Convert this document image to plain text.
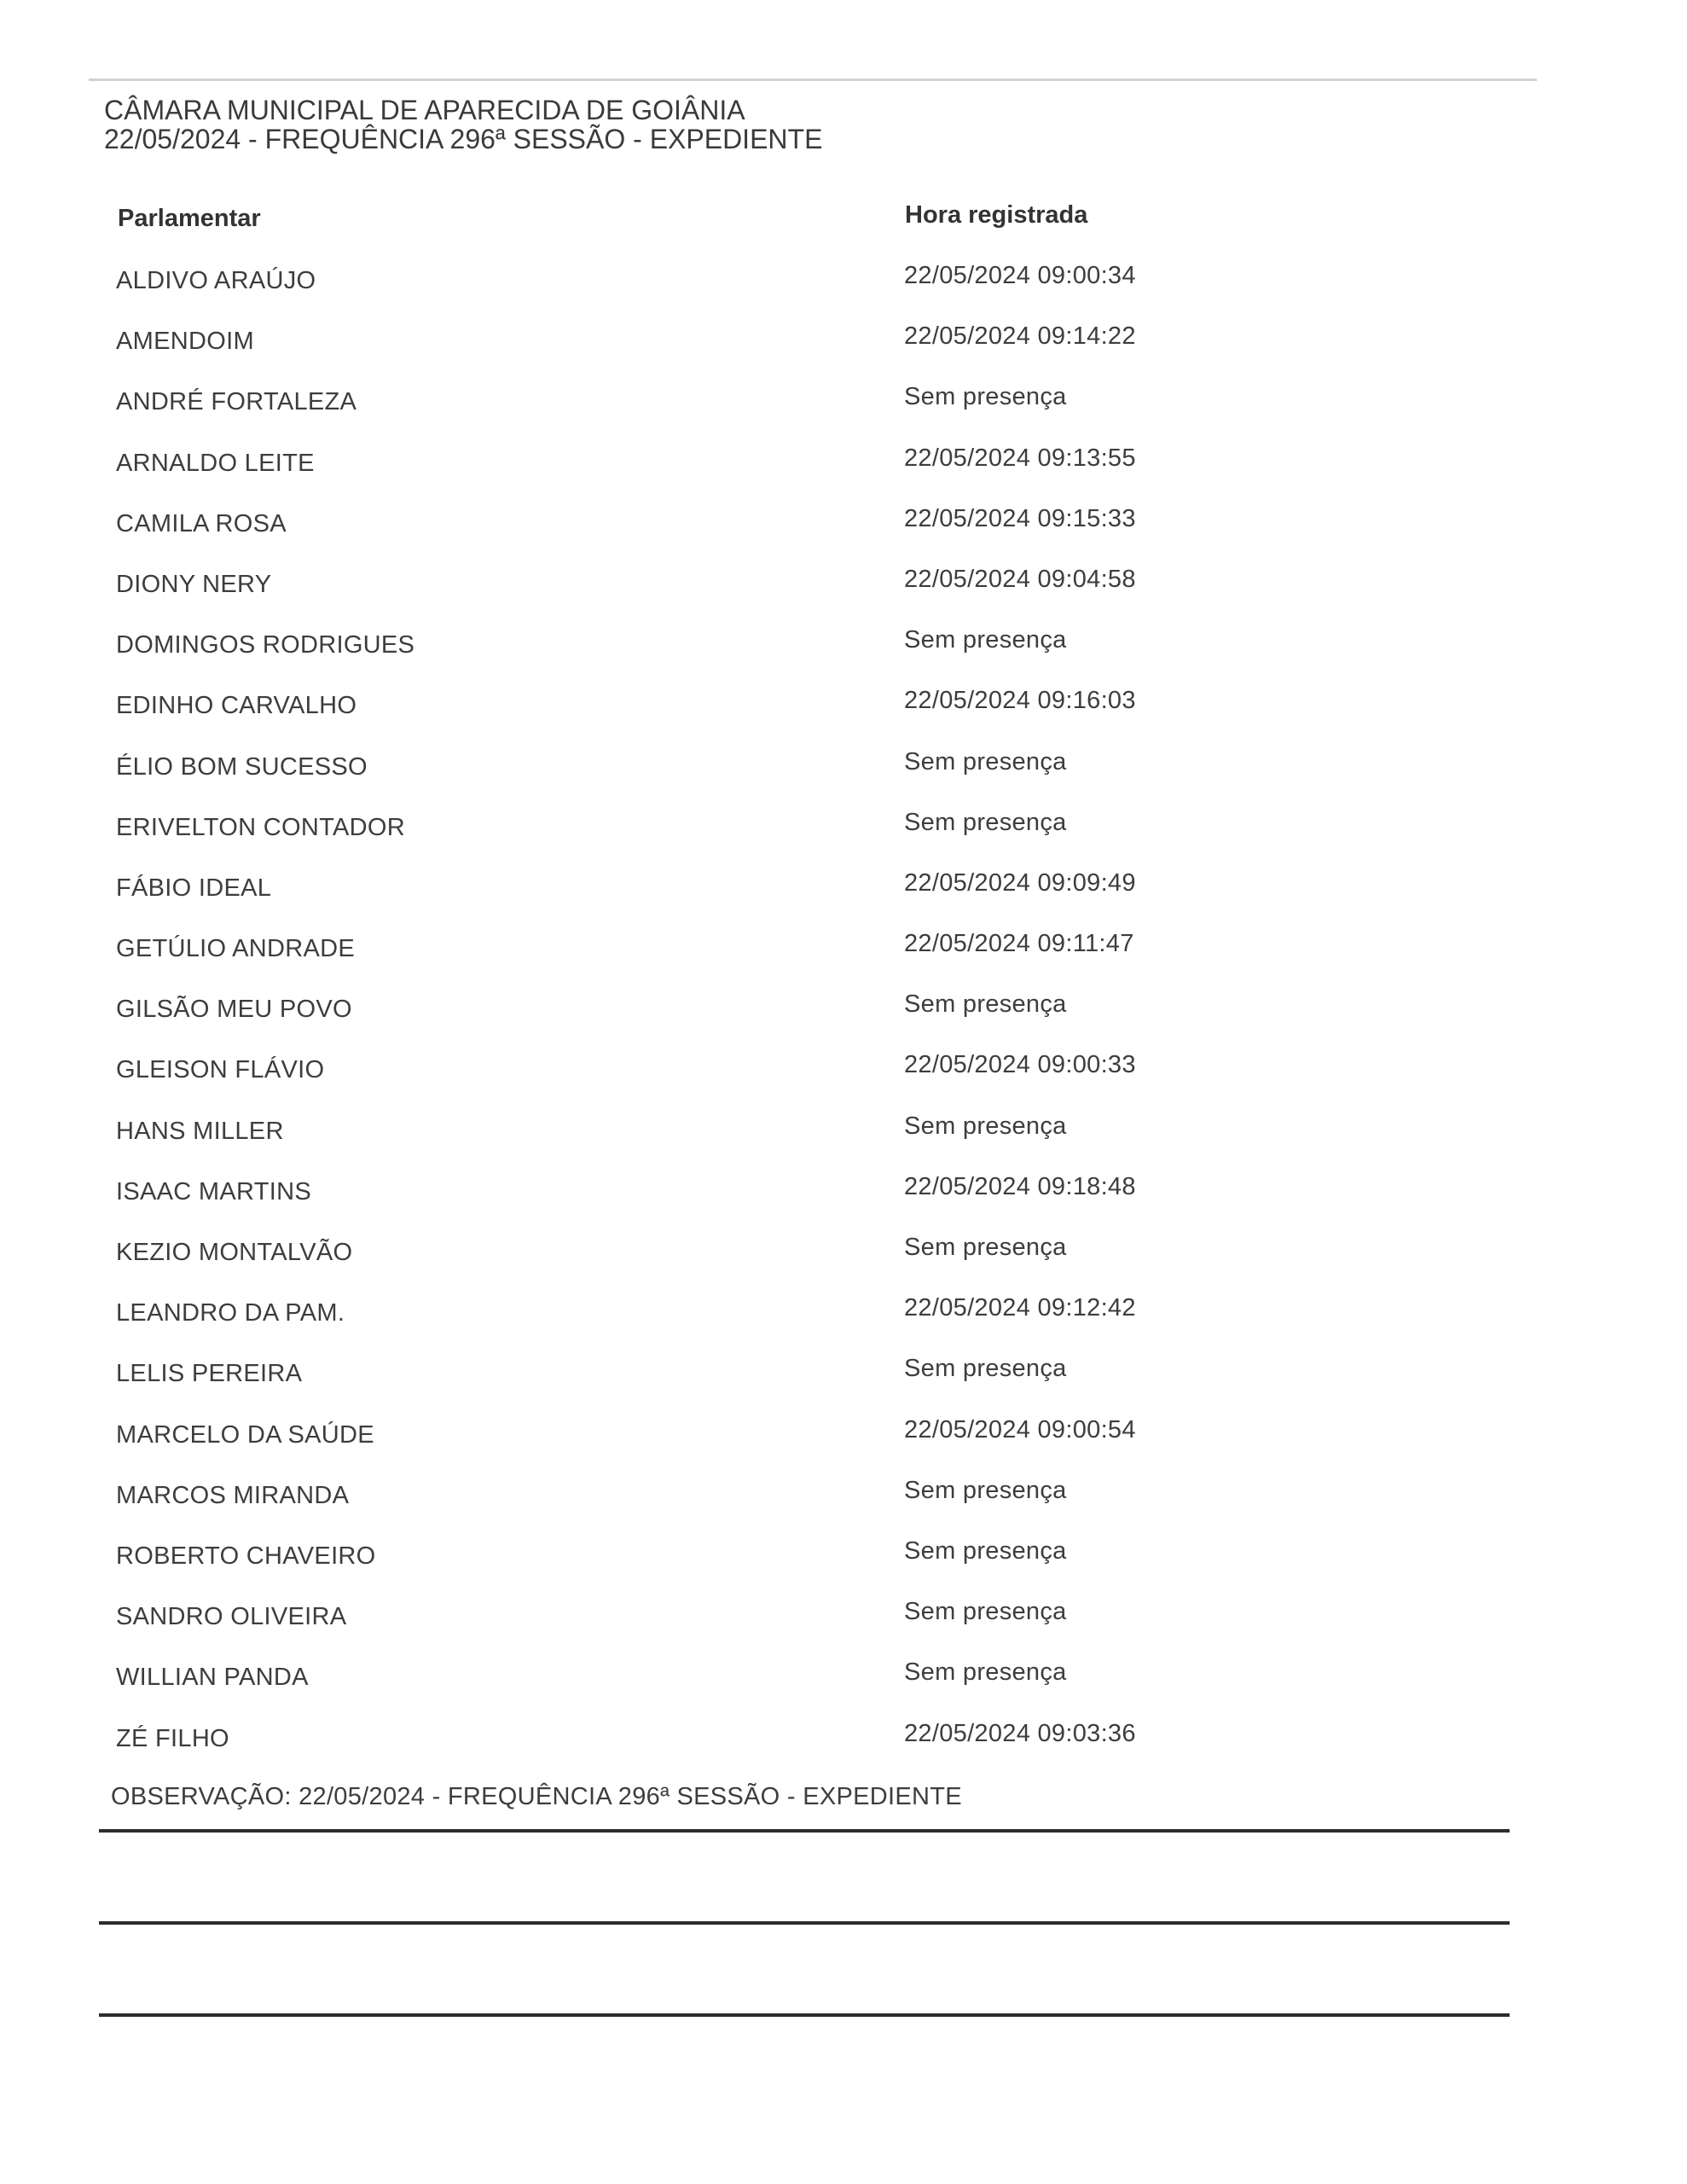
CÂMARA MUNICIPAL DE APARECIDA DE GOIÂNIA
22/05/2024 - FREQUÊNCIA 296ª SESSÃO - EXPEDIENTE
Parlamentar	Hora registrada
ALDIVO ARAÚJO	22/05/2024 09:00:34
AMENDOIM	22/05/2024 09:14:22
ANDRÉ FORTALEZA	Sem presença
ARNALDO LEITE	22/05/2024 09:13:55
CAMILA ROSA	22/05/2024 09:15:33
DIONY NERY	22/05/2024 09:04:58
DOMINGOS RODRIGUES	Sem presença
EDINHO CARVALHO	22/05/2024 09:16:03
ÉLIO BOM SUCESSO	Sem presença
ERIVELTON CONTADOR	Sem presença
FÁBIO IDEAL	22/05/2024 09:09:49
GETÚLIO ANDRADE	22/05/2024 09:11:47
GILSÃO MEU POVO	Sem presença
GLEISON FLÁVIO	22/05/2024 09:00:33
HANS MILLER	Sem presença
ISAAC MARTINS	22/05/2024 09:18:48
KEZIO MONTALVÃO	Sem presença
LEANDRO DA PAM.	22/05/2024 09:12:42
LELIS PEREIRA	Sem presença
MARCELO DA SAÚDE	22/05/2024 09:00:54
MARCOS MIRANDA	Sem presença
ROBERTO CHAVEIRO	Sem presença
SANDRO OLIVEIRA	Sem presença
WILLIAN PANDA	Sem presença
ZÉ FILHO	22/05/2024 09:03:36
OBSERVAÇÃO: 22/05/2024 - FREQUÊNCIA 296ª SESSÃO - EXPEDIENTE
